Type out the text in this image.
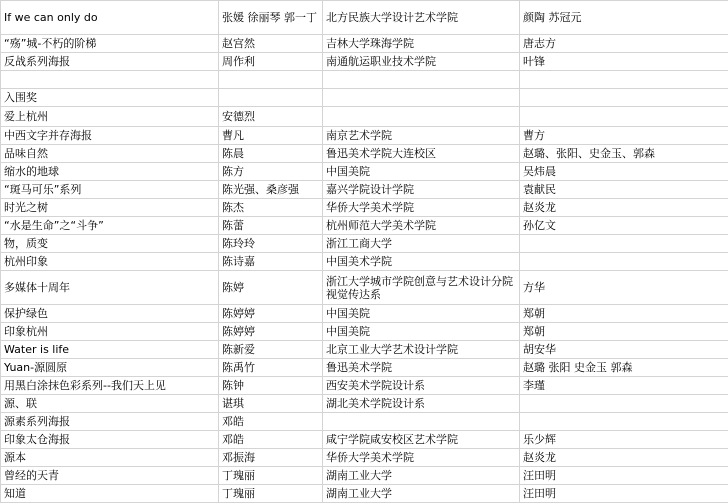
If we can only do	张媛 徐丽琴 郭一丁	北方民族大学设计艺术学院	颜陶 苏冠元
“殇”城-不朽的阶梯	赵宫然	吉林大学珠海学院	唐志方
反战系列海报	周作利	南通航运职业技术学院	叶锋

入围奖			
爱上杭州	安德烈		
中西文字并存海报	曹凡	南京艺术学院	曹方
品味自然	陈晨	鲁迅美术学院大连校区	赵璐、张阳、史金玉、郭森
缩水的地球	陈方	中国美院	吴炜晨
“斑马可乐”系列	陈光强、桑彦强	嘉兴学院设计学院	袁献民
时光之树	陈杰	华侨大学美术学院	赵炎龙
“水是生命”之“斗争”	陈蕾	杭州师范大学美术学院	孙亿文
物，质变	陈玲玲	浙江工商大学	
杭州印象	陈诗嘉	中国美术学院	
多媒体十周年	陈婷	浙江大学城市学院创意与艺术设计分院视觉传达系	方华
保护绿色	陈婷婷	中国美院	郑朝
印象杭州	陈婷婷	中国美院	郑朝
Water is life	陈新爱	北京工业大学艺术设计学院	胡安华
Yuan-源圆原	陈禹竹	鲁迅美术学院	赵璐 张阳 史金玉 郭森
用黑白涂抹色彩系列--我们天上见	陈钟	西安美术学院设计系	李瑾
源、联	谌琪	湖北美术学院设计系	
源素系列海报	邓皓		
印象太仓海报	邓皓	咸宁学院咸安校区艺术学院	乐少辉
源本	邓振海	华侨大学美术学院	赵炎龙
曾经的天青	丁瑰丽	湖南工业大学	汪田明
知道	丁瑰丽	湖南工业大学	汪田明
